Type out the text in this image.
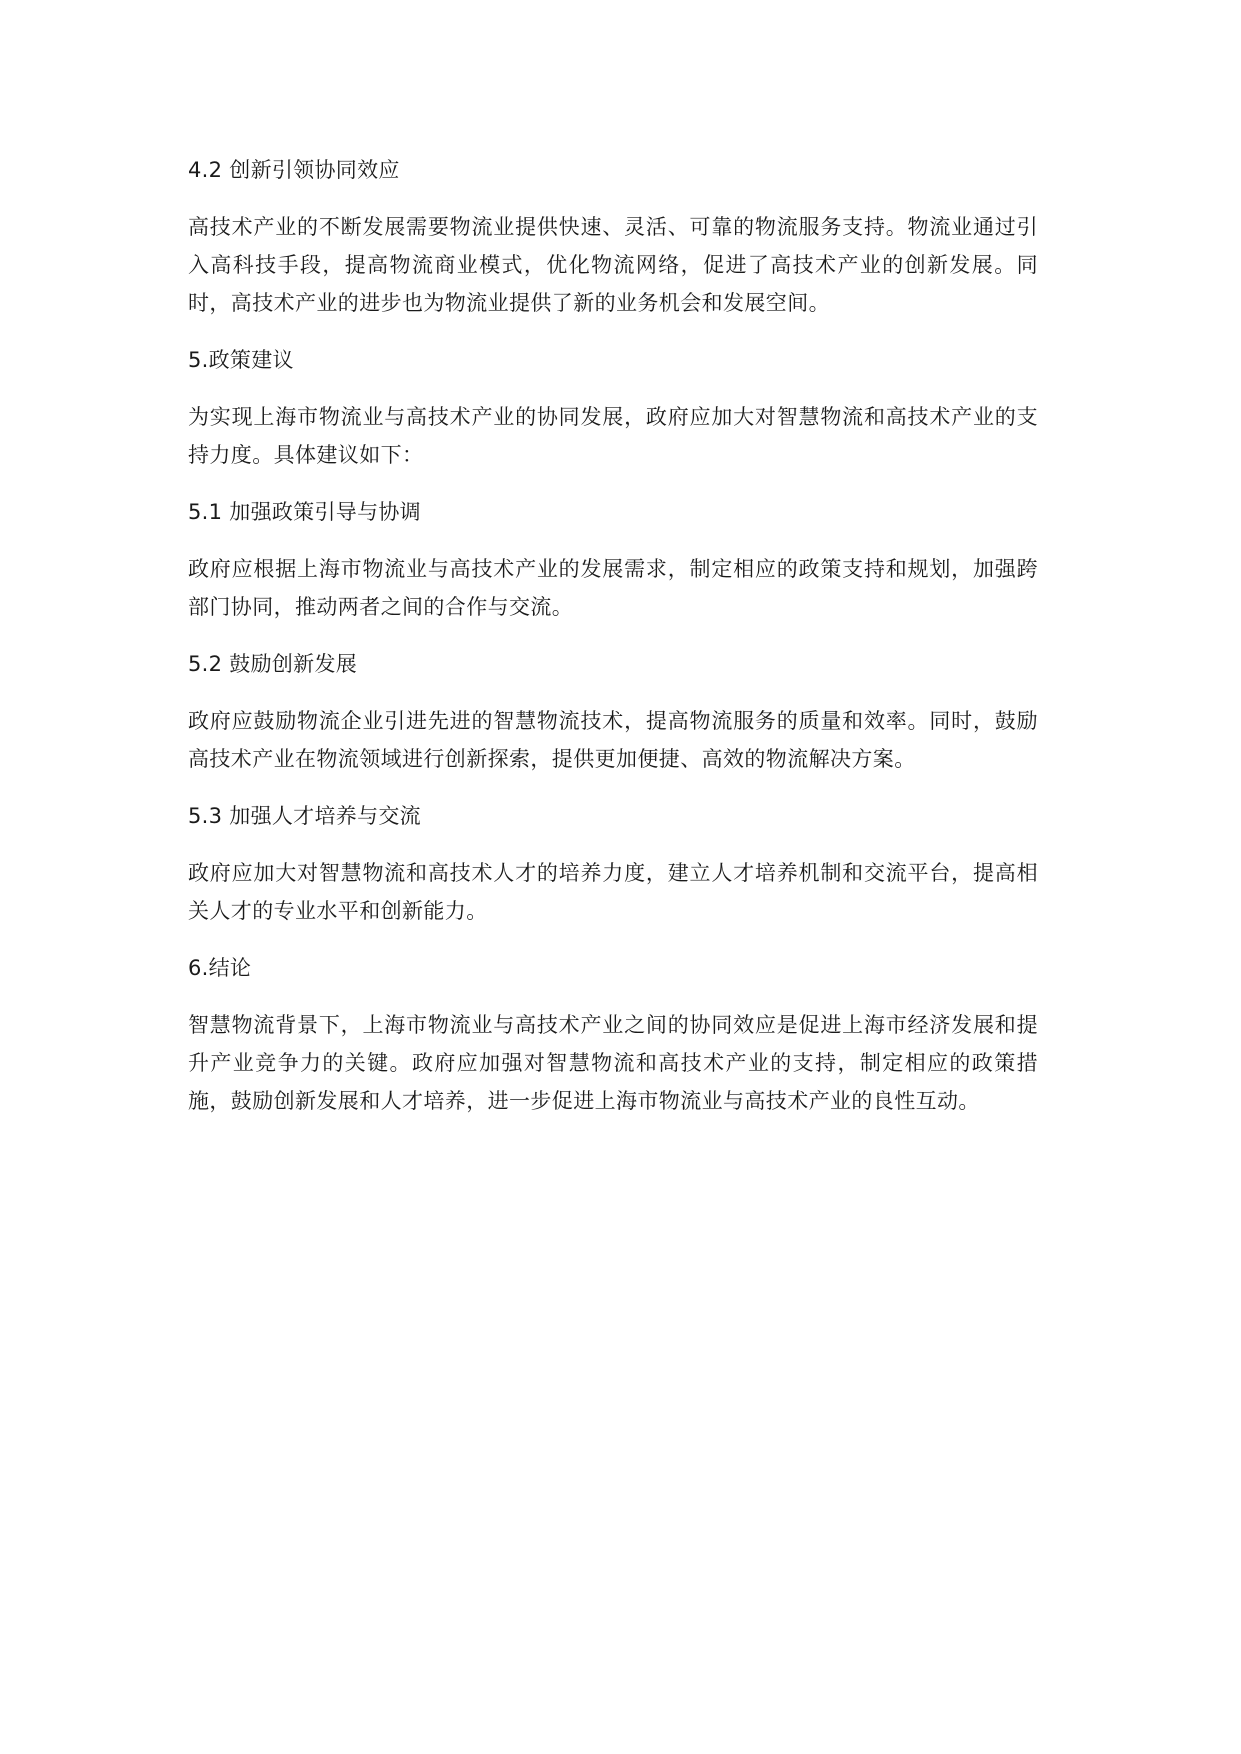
4.2 创新引领协同效应
高技术产业的不断发展需要物流业提供快速、灵活、可靠的物流服务支持。物流业通过引入高科技手段，提高物流商业模式，优化物流网络，促进了高技术产业的创新发展。同时，高技术产业的进步也为物流业提供了新的业务机会和发展空间。
5.政策建议
为实现上海市物流业与高技术产业的协同发展，政府应加大对智慧物流和高技术产业的支持力度。具体建议如下：
5.1 加强政策引导与协调
政府应根据上海市物流业与高技术产业的发展需求，制定相应的政策支持和规划，加强跨部门协同，推动两者之间的合作与交流。
5.2 鼓励创新发展
政府应鼓励物流企业引进先进的智慧物流技术，提高物流服务的质量和效率。同时，鼓励高技术产业在物流领域进行创新探索，提供更加便捷、高效的物流解决方案。
5.3 加强人才培养与交流
政府应加大对智慧物流和高技术人才的培养力度，建立人才培养机制和交流平台，提高相关人才的专业水平和创新能力。
6.结论
智慧物流背景下，上海市物流业与高技术产业之间的协同效应是促进上海市经济发展和提升产业竞争力的关键。政府应加强对智慧物流和高技术产业的支持，制定相应的政策措施，鼓励创新发展和人才培养，进一步促进上海市物流业与高技术产业的良性互动。
